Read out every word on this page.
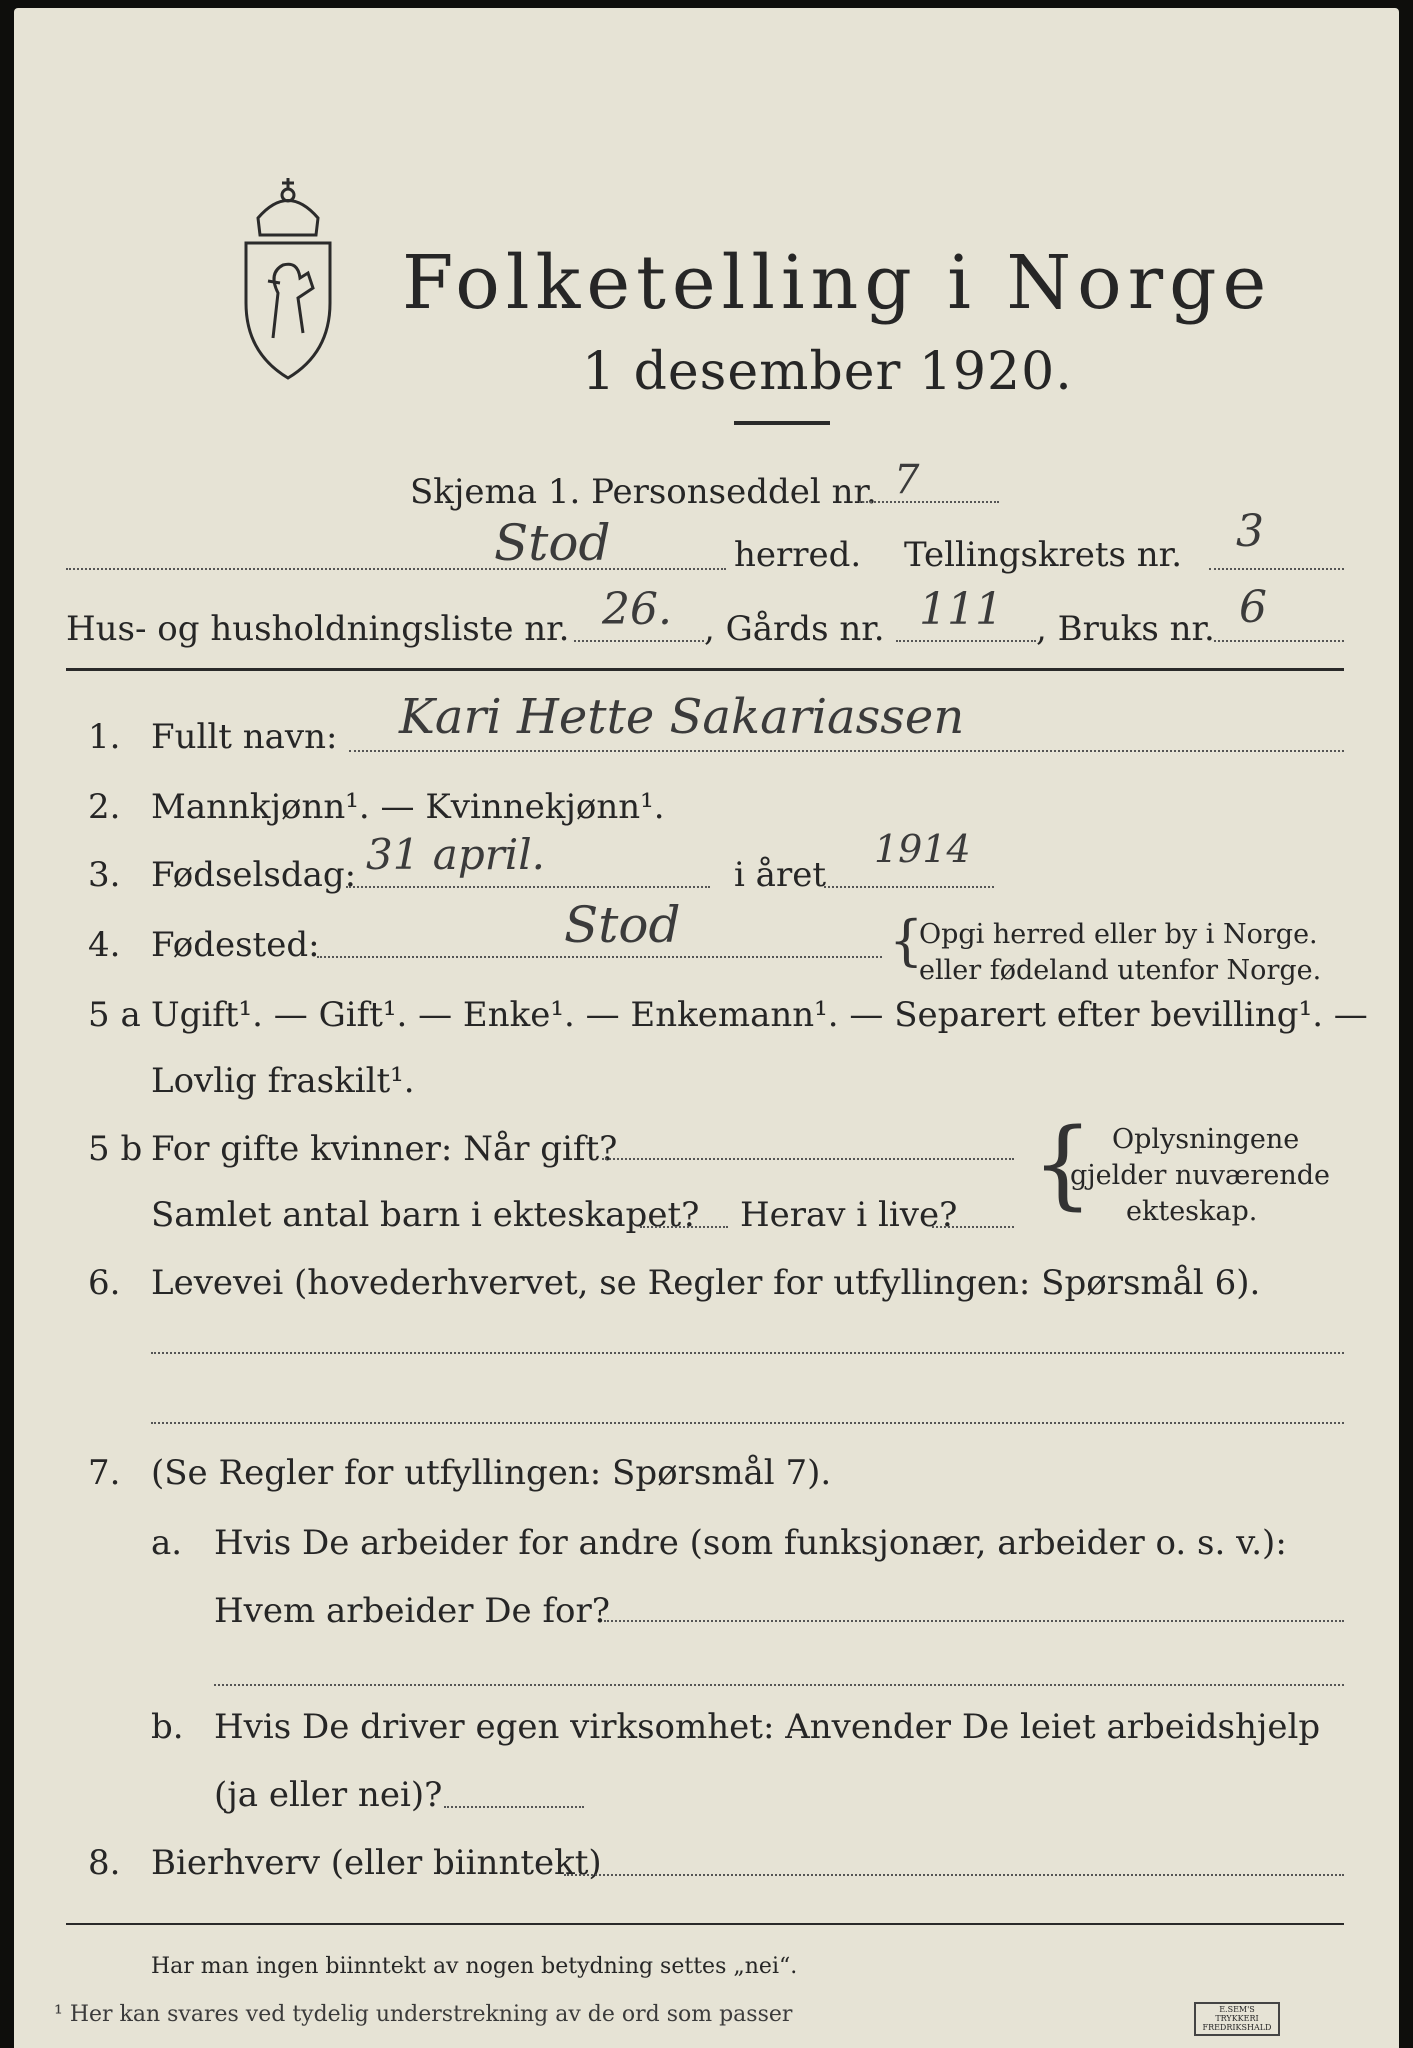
Folketelling i Norge
1 desember 1920.
Skjema 1. Personseddel nr. 7
Stod	herred. Tellingskrets nr. 3
Hus- og husholdningsliste nr. 26. , Gårds nr. 111 , Bruks nr. 6
1. Fullt navn: Kari Hette Sakariassen
2. Mannkjønn¹. — Kvinnekjønn¹.
3. Fødselsdag: 31 april.	i året
1914
4. Fødested:	Stod	{
Opgi herred eller by i Norge.
eller fødeland utenfor Norge.
5 a Ugift¹. — Gift¹. — Enke¹. — Enkemann¹. — Separert efter bevilling¹. —
Lovlig fraskilt¹.
5 b For gifte kvinner: Når gift?
Samlet antal barn i ekteskapet? Herav i live? { Oplysningene
gjelder nuværende
ekteskap.
6. Levevei (hovederhvervet, se Regler for utfyllingen: Spørsmål 6).
7. (Se Regler for utfyllingen: Spørsmål 7).
a. Hvis De arbeider for andre (som funksjonær, arbeider o. s. v.):
Hvem arbeider De for?
b. Hvis De driver egen virksomhet: Anvender De leiet arbeidshjelp
(ja eller nei)?
8. Bierhverv (eller biinntekt)
Har man ingen biinntekt av nogen betydning settes „nei“.
¹ Her kan svares ved tydelig understrekning av de ord som passer	E.SEM'S TRYKKERI FREDRIKSHALD
